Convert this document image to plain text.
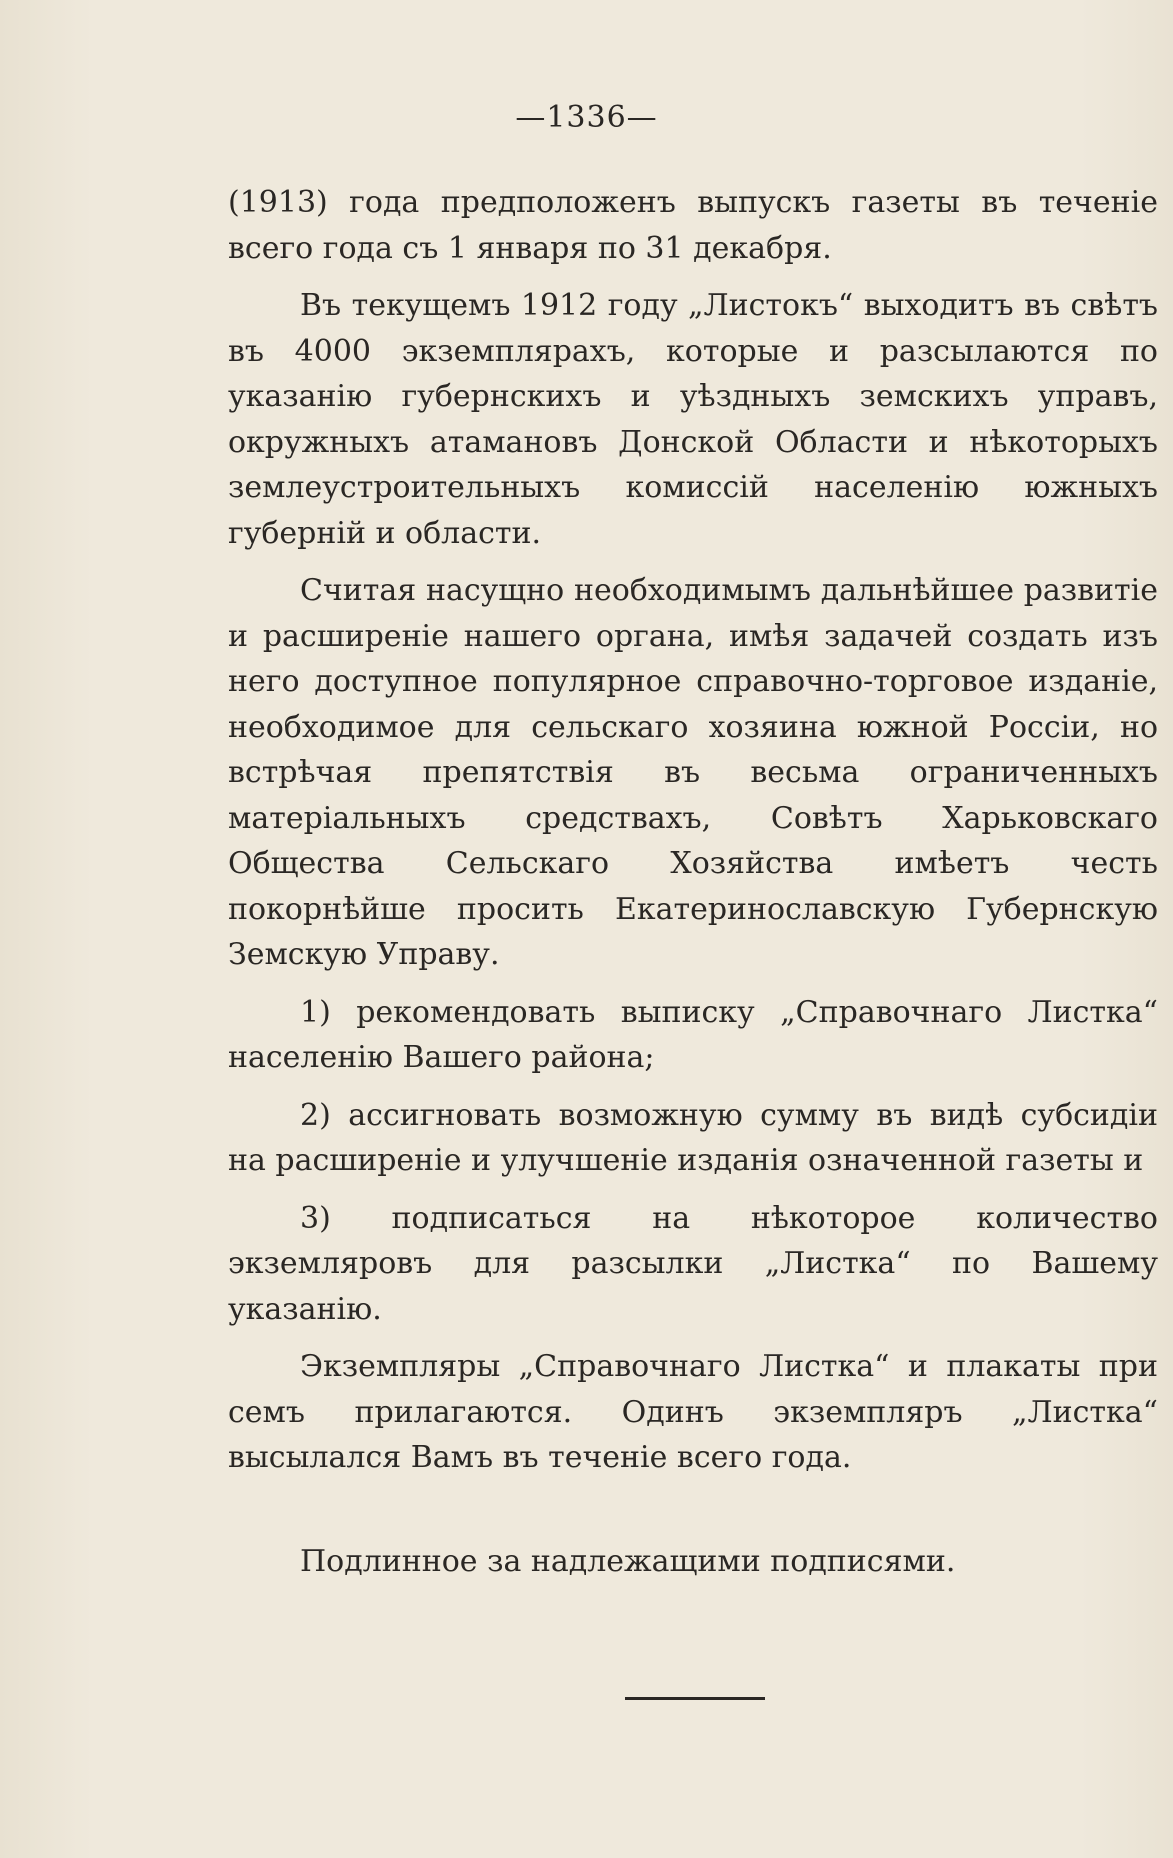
—1336—

(1913) года предположенъ выпускъ газеты въ теченіе всего года съ 1 января по 31 декабря.

Въ текущемъ 1912 году „Листокъ“ выходитъ въ свѣтъ въ 4000 экземплярахъ, которые и разсылаются по указанію губернскихъ и уѣздныхъ земскихъ управъ, окружныхъ атамановъ Донской Области и нѣкоторыхъ землеустроительныхъ комиссій населенію южныхъ губерній и области.

Считая насущно необходимымъ дальнѣйшее развитіе и расширеніе нашего органа, имѣя задачей создать изъ него доступное популярное справочно-торговое изданіе, необходимое для сельскаго хозяина южной Россіи, но встрѣчая препятствія въ весьма ограниченныхъ матеріальныхъ средствахъ, Совѣтъ Харьковскаго Общества Сельскаго Хозяйства имѣетъ честь покорнѣйше просить Екатеринославскую Губернскую Земскую Управу.

1) рекомендовать выписку „Справочнаго Листка“ населенію Вашего района;

2) ассигновать возможную сумму въ видѣ субсидіи на расширеніе и улучшеніе изданія означенной газеты и

3) подписаться на нѣкоторое количество экземляровъ для разсылки „Листка“ по Вашему указанію.

Экземпляры „Справочнаго Листка“ и плакаты при семъ прилагаются. Одинъ экземпляръ „Листка“ высылался Вамъ въ теченіе всего года.

Подлинное за надлежащими подписями.
